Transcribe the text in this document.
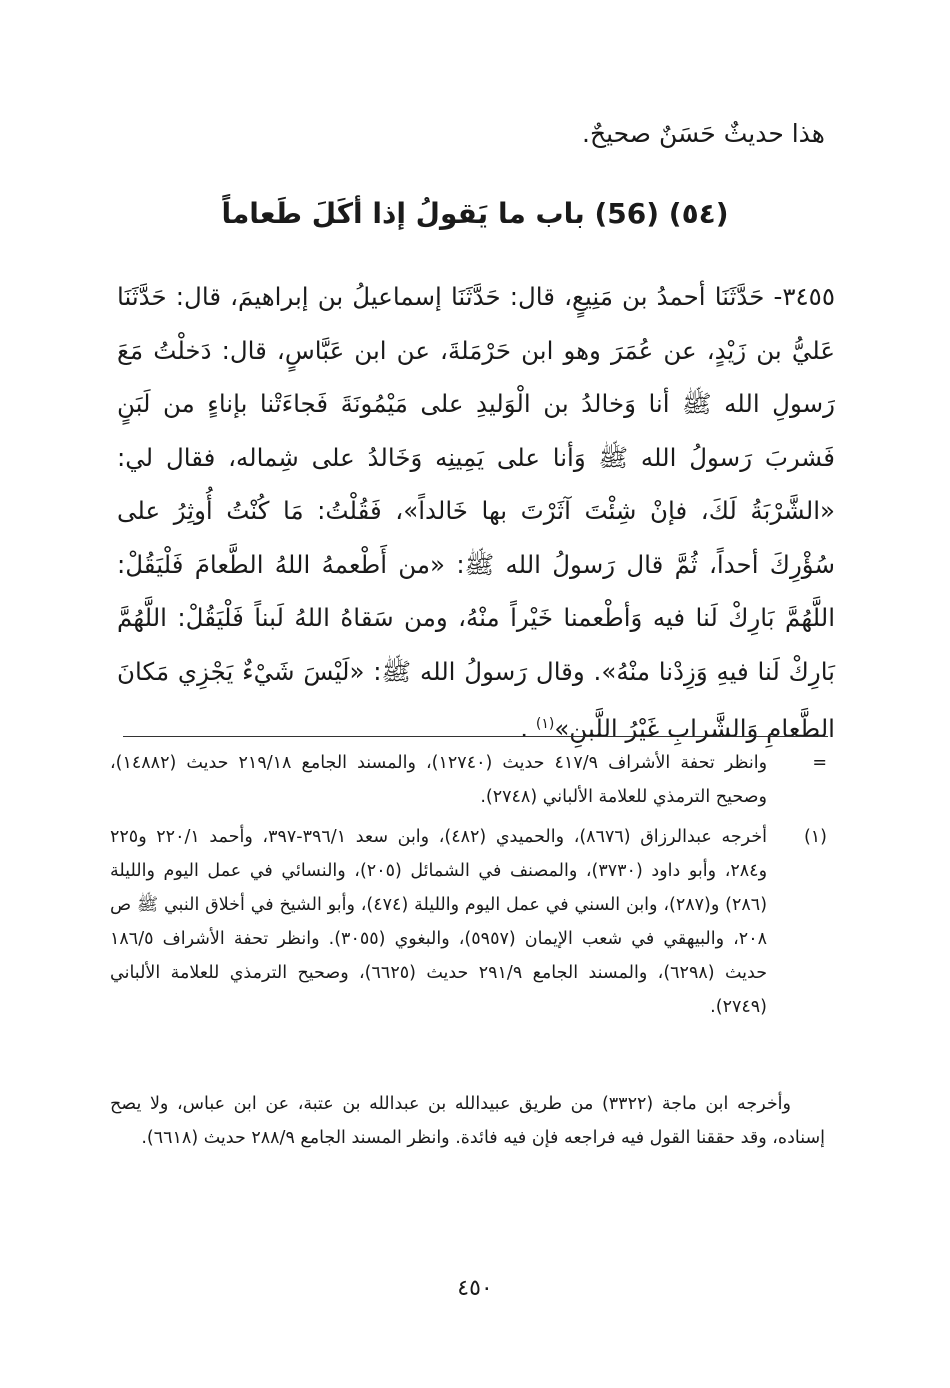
هذا حديثٌ حَسَنٌ صحيحٌ.
(٥٤) (56) باب ما يَقولُ إذا أكَلَ طَعاماً

٣٤٥٥- حَدَّثَنَا أحمدُ بن مَنِيعٍ، قال: حَدَّثَنَا إسماعيلُ بن إبراهيمَ، قال: حَدَّثَنَا عَليُّ بن زَيْدٍ، عن عُمَرَ وهو ابن حَرْمَلةَ، عن ابن عَبَّاسٍ، قال: دَخلْتُ مَعَ رَسولِ الله ﷺ أنا وَخالدُ بن الْوَليدِ على مَيْمُونَةَ فَجاءَتْنا بإناءٍ من لَبَنٍ فَشربَ رَسولُ الله ﷺ وَأنا على يَمِينِه وَخَالدُ على شِماله، فقال لي: «الشَّرْبَةُ لَكَ، فإنْ شِئْتَ آثَرْتَ بها خَالداً»، فَقُلْتُ: مَا كُنْتُ أُوثِرُ على سُؤْرِكَ أحداً، ثُمَّ قال رَسولُ الله ﷺ: «من أَطْعمهُ اللهُ الطَّعامَ فَلْيَقُلْ: اللَّهُمَّ بَارِكْ لَنا فيه وَأطْعمنا خَيْراً منْهُ، ومن سَقاهُ اللهُ لَبناً فَلْيَقُلْ: اللَّهُمَّ بَارِكْ لَنا فيهِ وَزِدْنا منْهُ». وقال رَسولُ الله ﷺ: «لَيْسَ شَيْءٌ يَجْزِي مَكانَ الطَّعامِ وَالشَّرابِ غَيْرُ اللَّبنِ»$^{(١)}$ .

=
وانظر تحفة الأشراف ٤١٧/٩ حديث (١٢٧٤٠)، والمسند الجامع ٢١٩/١٨ حديث (١٤٨٨٢)، وصحيح الترمذي للعلامة الألباني (٢٧٤٨).
(١)
أخرجه عبدالرزاق (٨٦٧٦)، والحميدي (٤٨٢)، وابن سعد ٣٩٦/١-٣٩٧، وأحمد ٢٢٠/١ و٢٢٥ و٢٨٤، وأبو داود (٣٧٣٠)، والمصنف في الشمائل (٢٠٥)، والنسائي في عمل اليوم والليلة (٢٨٦) و(٢٨٧)، وابن السني في عمل اليوم والليلة (٤٧٤)، وأبو الشيخ في أخلاق النبي ﷺ ص ٢٠٨، والبيهقي في شعب الإيمان (٥٩٥٧)، والبغوي (٣٠٥٥). وانظر تحفة الأشراف ١٨٦/٥ حديث (٦٢٩٨)، والمسند الجامع ٢٩١/٩ حديث (٦٦٢٥)، وصحيح الترمذي للعلامة الألباني (٢٧٤٩).

وأخرجه ابن ماجة (٣٣٢٢) من طريق عبيدالله بن عبدالله بن عتبة، عن ابن عباس، ولا يصح إسناده، وقد حققنا القول فيه فراجعه فإن فيه فائدة. وانظر المسند الجامع ٢٨٨/٩ حديث (٦٦١٨).

٤٥٠
